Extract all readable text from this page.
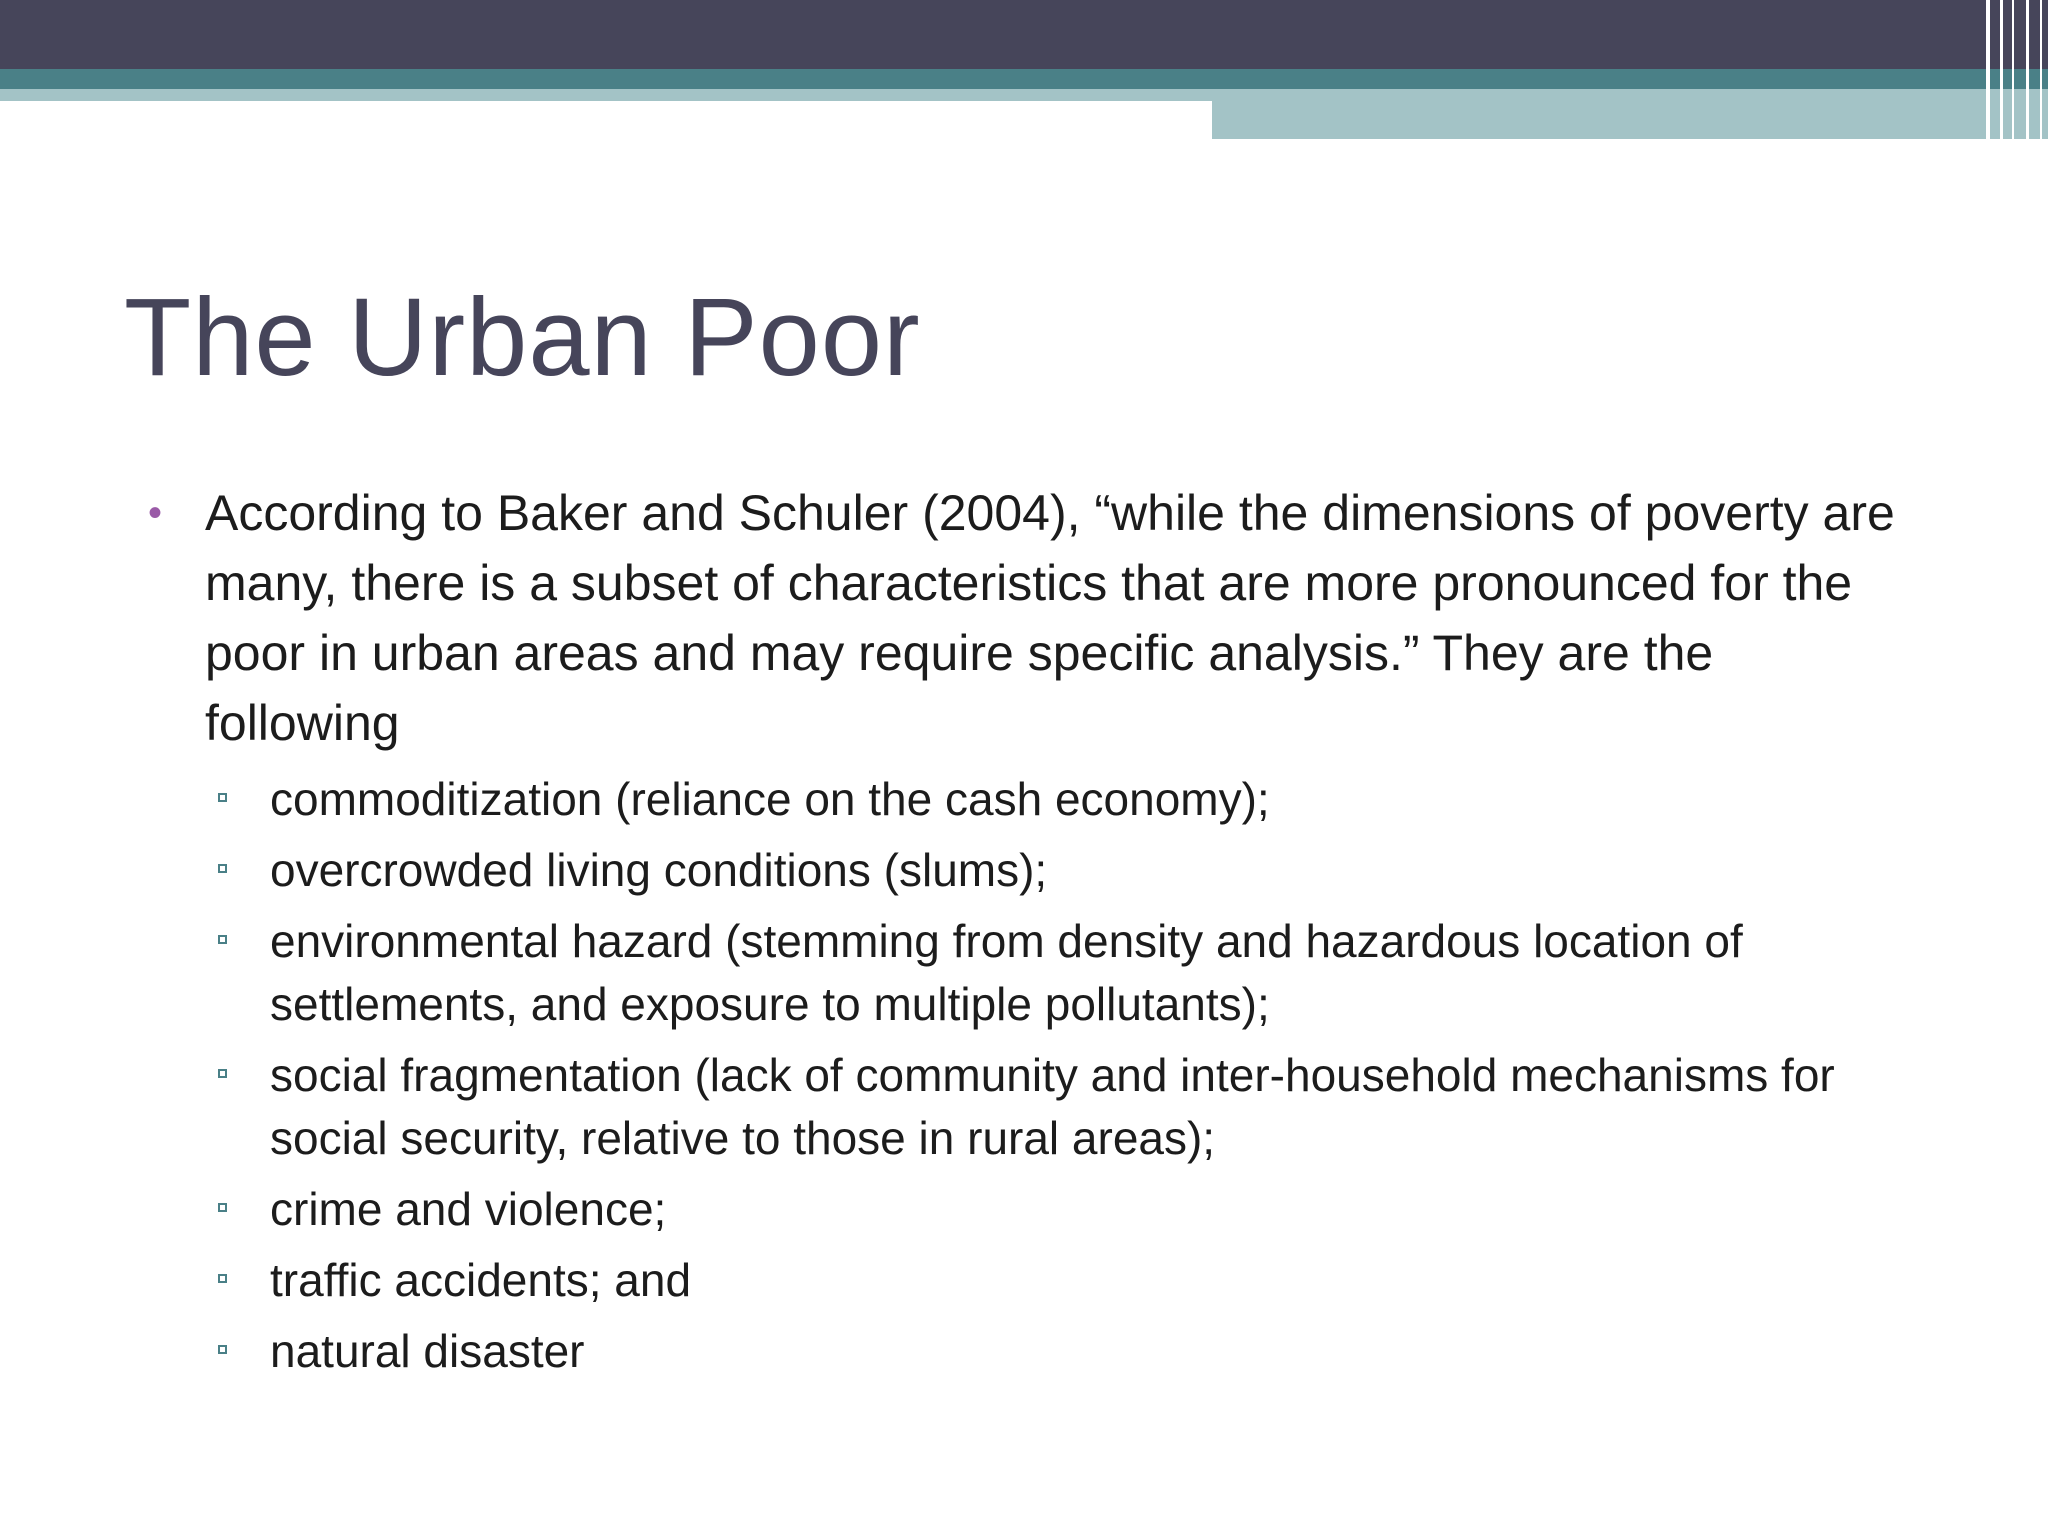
The Urban Poor
• According to Baker and Schuler (2004), “while the dimensions of poverty are many, there is a subset of characteristics that are more pronounced for the poor in urban areas and may require specific analysis.” They are the following
commoditization (reliance on the cash economy);
overcrowded living conditions (slums);
environmental hazard (stemming from density and hazardous location of settlements, and exposure to multiple pollutants);
social fragmentation (lack of community and inter-household mechanisms for social security, relative to those in rural areas);
crime and violence;
traffic accidents; and
natural disaster
